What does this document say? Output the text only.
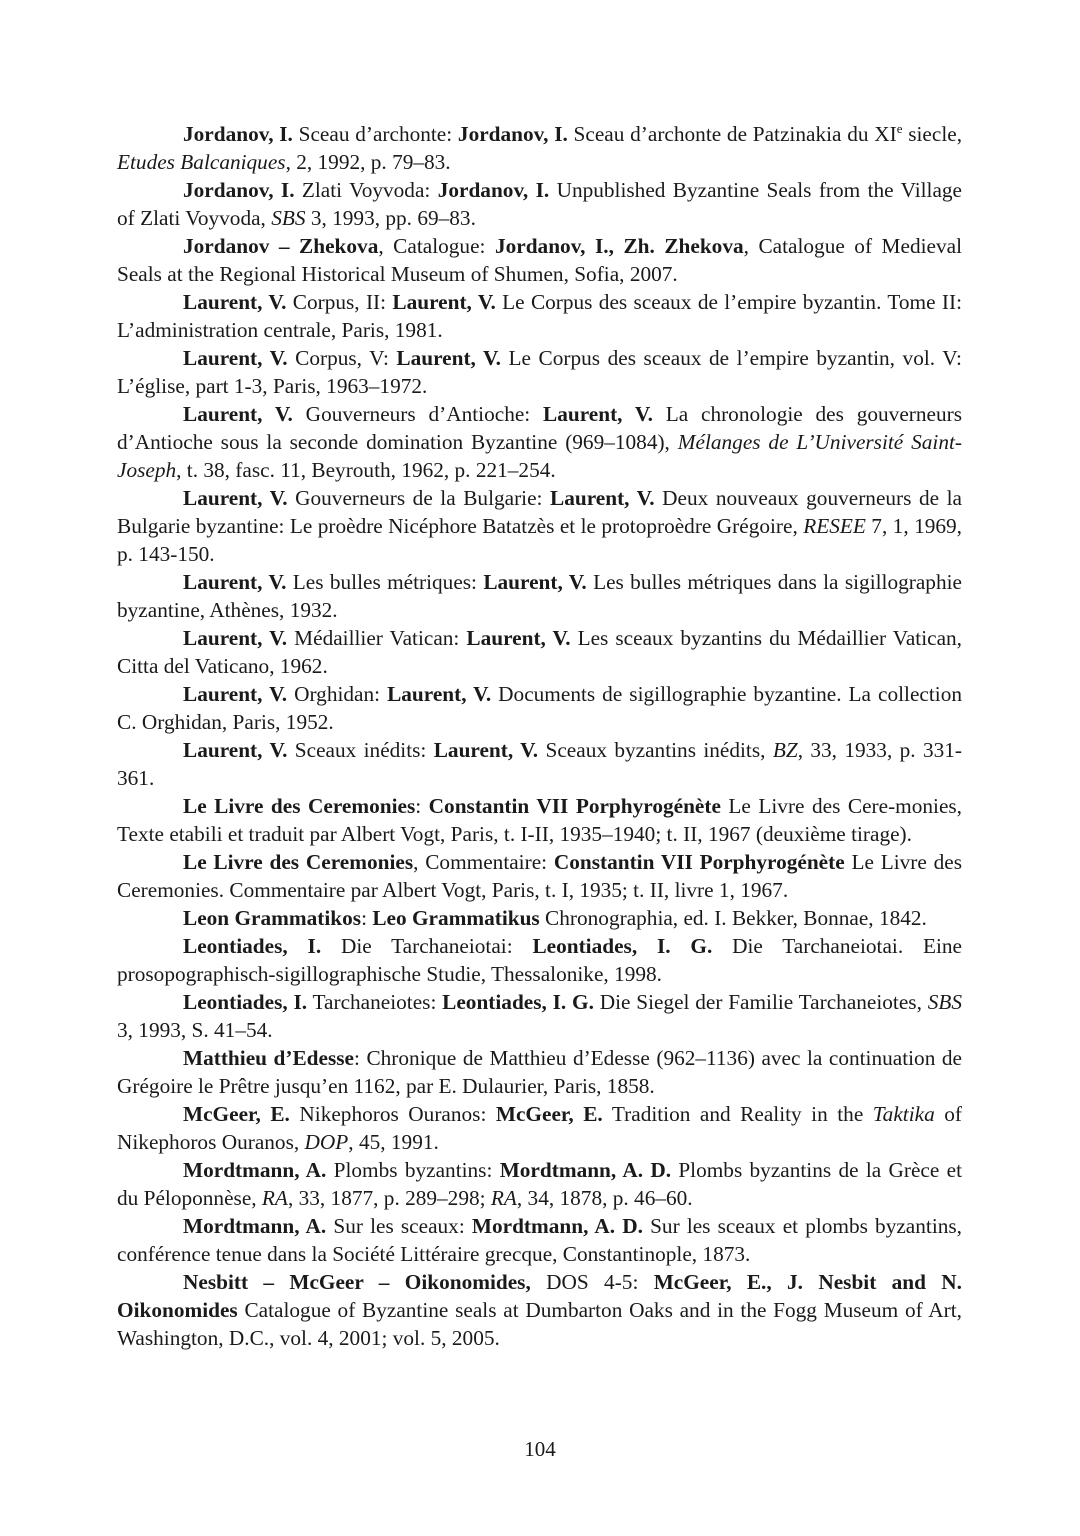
Jordanov, I. Sceau d’archonte: Jordanov, I. Sceau d’archonte de Patzinakia du XIe siecle, Etudes Balcaniques, 2, 1992, p. 79–83.

Jordanov, I. Zlati Voyvoda: Jordanov, I. Unpublished Byzantine Seals from the Village of Zlati Voyvoda, SBS 3, 1993, pp. 69–83.

Jordanov – Zhekova, Catalogue: Jordanov, I., Zh. Zhekova, Catalogue of Medieval Seals at the Regional Historical Museum of Shumen, Sofia, 2007.

Laurent, V. Corpus, II: Laurent, V. Le Corpus des sceaux de l’empire byzantin. Tome II: L’administration centrale, Paris, 1981.

Laurent, V. Corpus, V: Laurent, V. Le Corpus des sceaux de l’empire byzantin, vol. V: L’église, part 1-3, Paris, 1963–1972.

Laurent, V. Gouverneurs d’Antioche: Laurent, V. La chronologie des gouverneurs d’Antioche sous la seconde domination Byzantine (969–1084), Mélanges de L’Université Saint-Joseph, t. 38, fasc. 11, Beyrouth, 1962, p. 221–254.

Laurent, V. Gouverneurs de la Bulgarie: Laurent, V. Deux nouveaux gouverneurs de la Bulgarie byzantine: Le proèdre Nicéphore Batatzès et le protoproèdre Grégoire, RESEE 7, 1, 1969, p. 143-150.

Laurent, V. Les bulles métriques: Laurent, V. Les bulles métriques dans la sigillographie byzantine, Athènes, 1932.

Laurent, V. Médaillier Vatican: Laurent, V. Les sceaux byzantins du Médaillier Vatican, Citta del Vaticano, 1962.

Laurent, V. Orghidan: Laurent, V. Documents de sigillographie byzantine. La collection C. Orghidan, Paris, 1952.

Laurent, V. Sceaux inédits: Laurent, V. Sceaux byzantins inédits, BZ, 33, 1933, p. 331-361.

Le Livre des Ceremonies: Constantin VII Porphyrogénète Le Livre des Cere-monies, Texte etabili et traduit par Albert Vogt, Paris, t. I-II, 1935–1940; t. II, 1967 (deuxième tirage).

Le Livre des Ceremonies, Commentaire: Constantin VII Porphyrogénète Le Livre des Ceremonies. Commentaire par Albert Vogt, Paris, t. I, 1935; t. II, livre 1, 1967.

Leon Grammatikos: Leo Grammatikus Chronographia, ed. I. Bekker, Bonnae, 1842.

Leontiades, I. Die Tarchaneiotai: Leontiades, I. G. Die Tarchaneiotai. Eine prosopographisch-sigillographische Studie, Thessalonike, 1998.

Leontiades, I. Tarchaneiotes: Leontiades, I. G. Die Siegel der Familie Tarchaneiotes, SBS 3, 1993, S. 41–54.

Matthieu d’Edesse: Chronique de Matthieu d’Edesse (962–1136) avec la continuation de Grégoire le Prêtre jusqu’en 1162, par E. Dulaurier, Paris, 1858.

McGeer, E. Nikephoros Ouranos: McGeer, E. Tradition and Reality in the Taktika of Nikephoros Ouranos, DOP, 45, 1991.

Mordtmann, A. Plombs byzantins: Mordtmann, A. D. Plombs byzantins de la Grèce et du Péloponnèse, RA, 33, 1877, p. 289–298; RA, 34, 1878, p. 46–60.

Mordtmann, A. Sur les sceaux: Mordtmann, A. D. Sur les sceaux et plombs byzantins, conférence tenue dans la Société Littéraire grecque, Constantinople, 1873.

Nesbitt – McGeer – Oikonomides, DOS 4-5: McGeer, E., J. Nesbit and N. Oikonomides Catalogue of Byzantine seals at Dumbarton Oaks and in the Fogg Museum of Art, Washington, D.C., vol. 4, 2001; vol. 5, 2005.

104
